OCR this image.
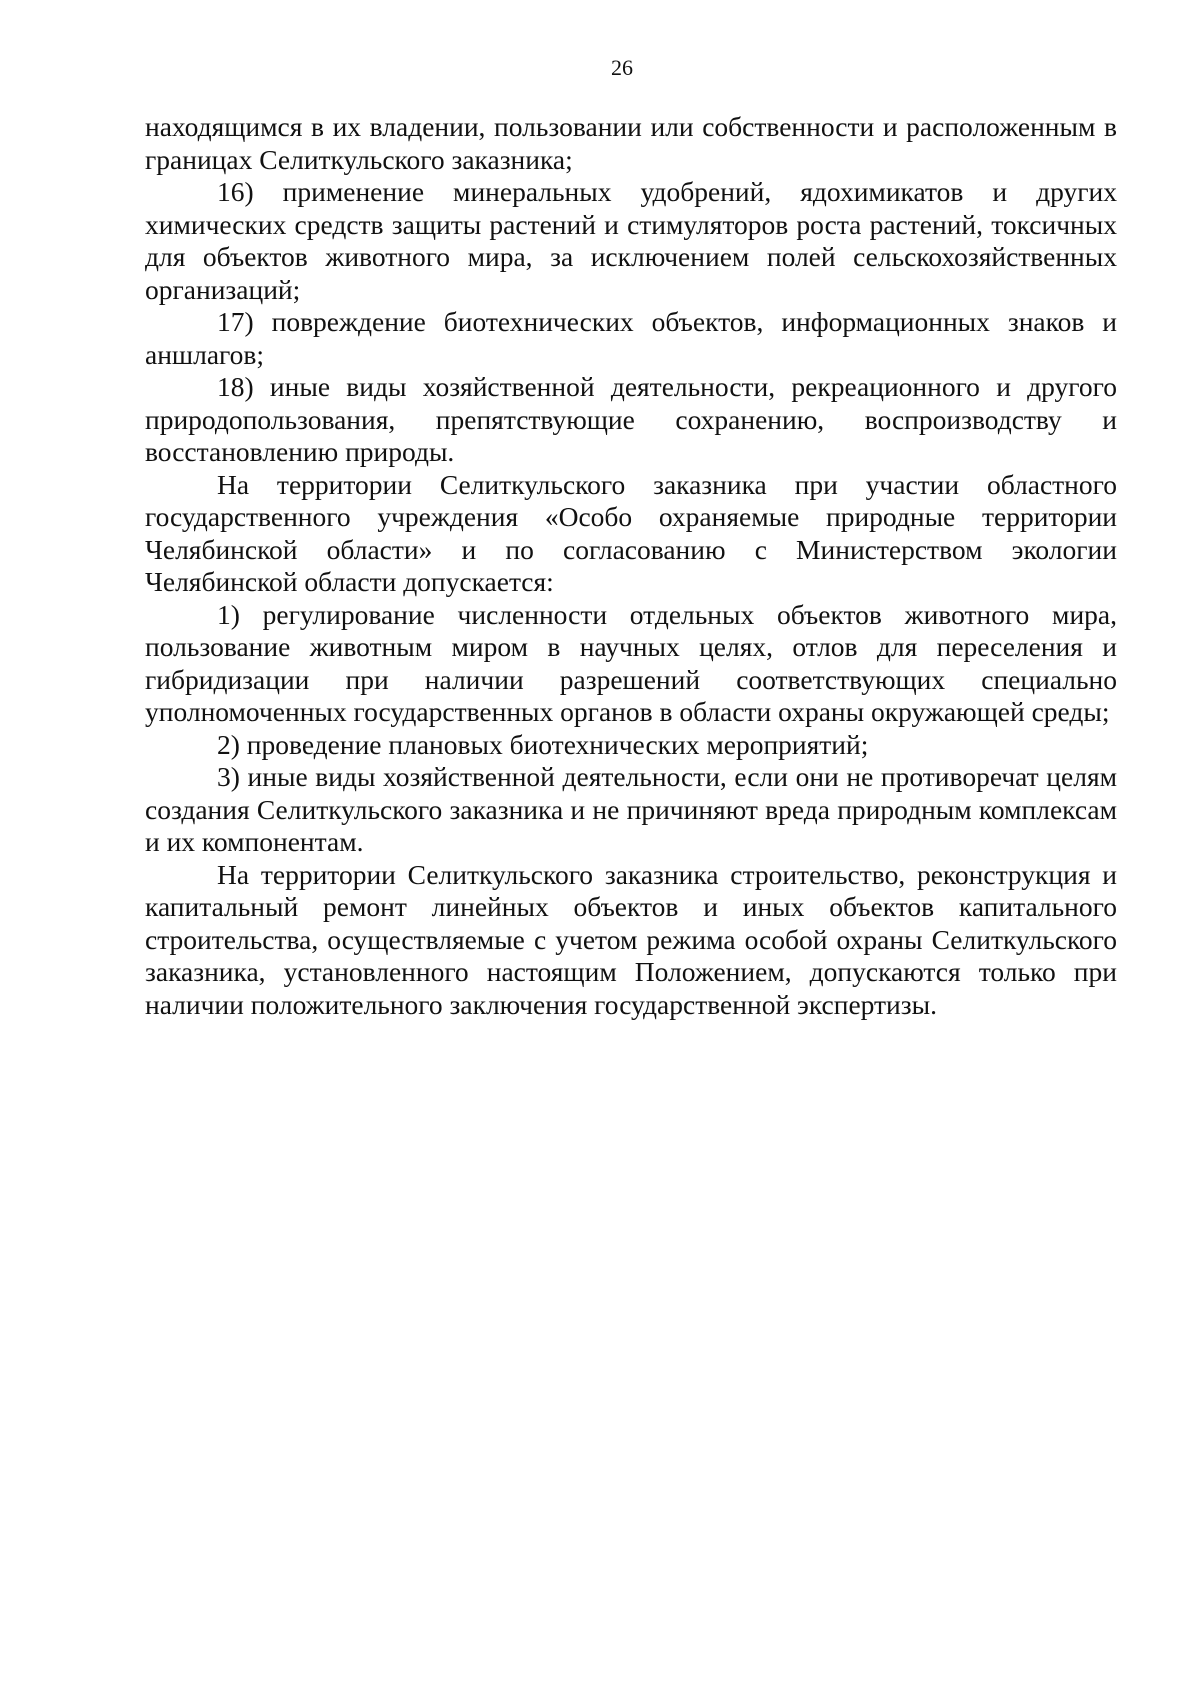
26

находящимся в их владении, пользовании или собственности и расположенным в границах Селиткульского заказника;

16) применение минеральных удобрений, ядохимикатов и других химических средств защиты растений и стимуляторов роста растений, токсичных для объектов животного мира, за исключением полей сельскохозяйственных организаций;

17) повреждение биотехнических объектов, информационных знаков и аншлагов;

18) иные виды хозяйственной деятельности, рекреационного и другого природопользования, препятствующие сохранению, воспроизводству и восстановлению природы.

На территории Селиткульского заказника при участии областного государственного учреждения «Особо охраняемые природные территории Челябинской области» и по согласованию с Министерством экологии Челябинской области допускается:

1) регулирование численности отдельных объектов животного мира, пользование животным миром в научных целях, отлов для переселения и гибридизации при наличии разрешений соответствующих специально уполномоченных государственных органов в области охраны окружающей среды;

2) проведение плановых биотехнических мероприятий;

3) иные виды хозяйственной деятельности, если они не противоречат целям создания Селиткульского заказника и не причиняют вреда природным комплексам и их компонентам.

На территории Селиткульского заказника строительство, реконструкция и капитальный ремонт линейных объектов и иных объектов капитального строительства, осуществляемые с учетом режима особой охраны Селиткульского заказника, установленного настоящим Положением, допускаются только при наличии положительного заключения государственной экспертизы.
